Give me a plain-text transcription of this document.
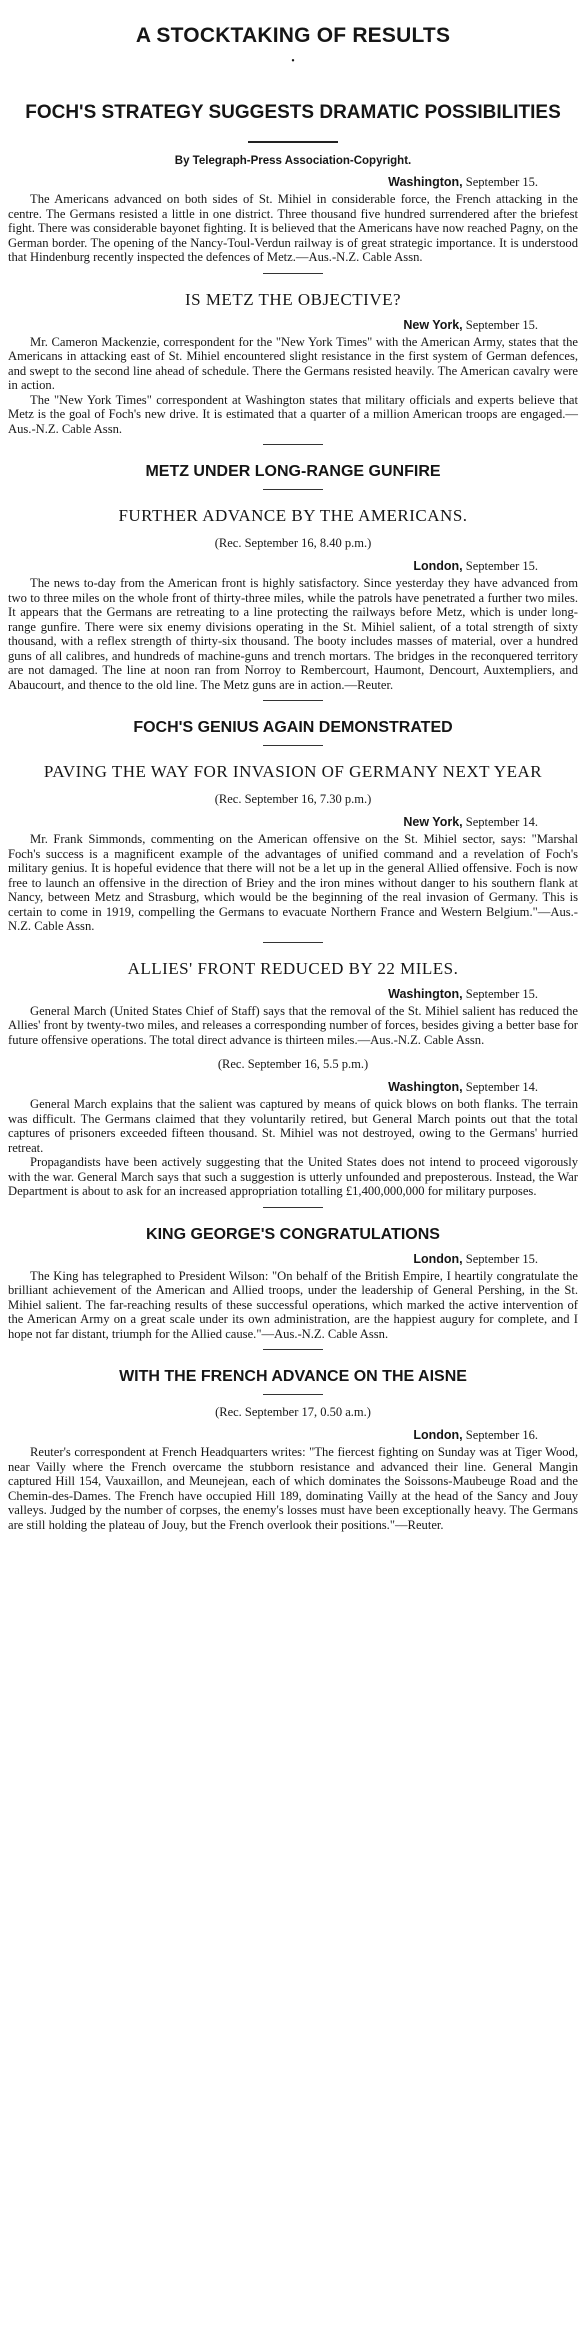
A STOCKTAKING OF RESULTS
•
FOCH'S STRATEGY SUGGESTS DRAMATIC POSSIBILITIES
By Telegraph-Press Association-Copyright.
Washington, September 15.

The Americans advanced on both sides of St. Mihiel in considerable force, the French attacking in the centre. The Germans resisted a little in one district. Three thousand five hundred surrendered after the briefest fight. There was considerable bayonet fighting. It is believed that the Americans have now reached Pagny, on the German border. The opening of the Nancy-Toul-Verdun railway is of great strategic importance. It is understood that Hindenburg recently inspected the defences of Metz.—Aus.-N.Z. Cable Assn.

IS METZ THE OBJECTIVE?
New York, September 15.

Mr. Cameron Mackenzie, correspondent for the "New York Times" with the American Army, states that the Americans in attacking east of St. Mihiel encountered slight resistance in the first system of German defences, and swept to the second line ahead of schedule. There the Germans resisted heavily. The American cavalry were in action.

The "New York Times" correspondent at Washington states that military officials and experts believe that Metz is the goal of Foch's new drive. It is estimated that a quarter of a million American troops are engaged.—Aus.-N.Z. Cable Assn.

METZ UNDER LONG-RANGE GUNFIRE
FURTHER ADVANCE BY THE AMERICANS.
(Rec. September 16, 8.40 p.m.)
London, September 15.

The news to-day from the American front is highly satisfactory. Since yesterday they have advanced from two to three miles on the whole front of thirty-three miles, while the patrols have penetrated a further two miles. It appears that the Germans are retreating to a line protecting the railways before Metz, which is under long-range gunfire. There were six enemy divisions operating in the St. Mihiel salient, of a total strength of sixty thousand, with a reflex strength of thirty-six thousand. The booty includes masses of material, over a hundred guns of all calibres, and hundreds of machine-guns and trench mortars. The bridges in the reconquered territory are not damaged. The line at noon ran from Norroy to Rembercourt, Haumont, Dencourt, Auxtempliers, and Abaucourt, and thence to the old line. The Metz guns are in action.—Reuter.

FOCH'S GENIUS AGAIN DEMONSTRATED
PAVING THE WAY FOR INVASION OF GERMANY NEXT YEAR
(Rec. September 16, 7.30 p.m.)
New York, September 14.

Mr. Frank Simmonds, commenting on the American offensive on the St. Mihiel sector, says: "Marshal Foch's success is a magnificent example of the advantages of unified command and a revelation of Foch's military genius. It is hopeful evidence that there will not be a let up in the general Allied offensive. Foch is now free to launch an offensive in the direction of Briey and the iron mines without danger to his southern flank at Nancy, between Metz and Strasburg, which would be the beginning of the real invasion of Germany. This is certain to come in 1919, compelling the Germans to evacuate Northern France and Western Belgium."—Aus.-N.Z. Cable Assn.

ALLIES' FRONT REDUCED BY 22 MILES.
Washington, September 15.

General March (United States Chief of Staff) says that the removal of the St. Mihiel salient has reduced the Allies' front by twenty-two miles, and releases a corresponding number of forces, besides giving a better base for future offensive operations. The total direct advance is thirteen miles.—Aus.-N.Z. Cable Assn.

(Rec. September 16, 5.5 p.m.)
Washington, September 14.

General March explains that the salient was captured by means of quick blows on both flanks. The terrain was difficult. The Germans claimed that they voluntarily retired, but General March points out that the total captures of prisoners exceeded fifteen thousand. St. Mihiel was not destroyed, owing to the Germans' hurried retreat.

Propagandists have been actively suggesting that the United States does not intend to proceed vigorously with the war. General March says that such a suggestion is utterly unfounded and preposterous. Instead, the War Department is about to ask for an increased appropriation totalling £1,400,000,000 for military purposes.

KING GEORGE'S CONGRATULATIONS
London, September 15.

The King has telegraphed to President Wilson: "On behalf of the British Empire, I heartily congratulate the brilliant achievement of the American and Allied troops, under the leadership of General Pershing, in the St. Mihiel salient. The far-reaching results of these successful operations, which marked the active intervention of the American Army on a great scale under its own administration, are the happiest augury for complete, and I hope not far distant, triumph for the Allied cause."—Aus.-N.Z. Cable Assn.

WITH THE FRENCH ADVANCE ON THE AISNE
(Rec. September 17, 0.50 a.m.)
London, September 16.

Reuter's correspondent at French Headquarters writes: "The fiercest fighting on Sunday was at Tiger Wood, near Vailly where the French overcame the stubborn resistance and advanced their line. General Mangin captured Hill 154, Vauxaillon, and Meunejean, each of which dominates the Soissons-Maubeuge Road and the Chemin-des-Dames. The French have occupied Hill 189, dominating Vailly at the head of the Sancy and Jouy valleys. Judged by the number of corpses, the enemy's losses must have been exceptionally heavy. The Germans are still holding the plateau of Jouy, but the French overlook their positions."—Reuter.
